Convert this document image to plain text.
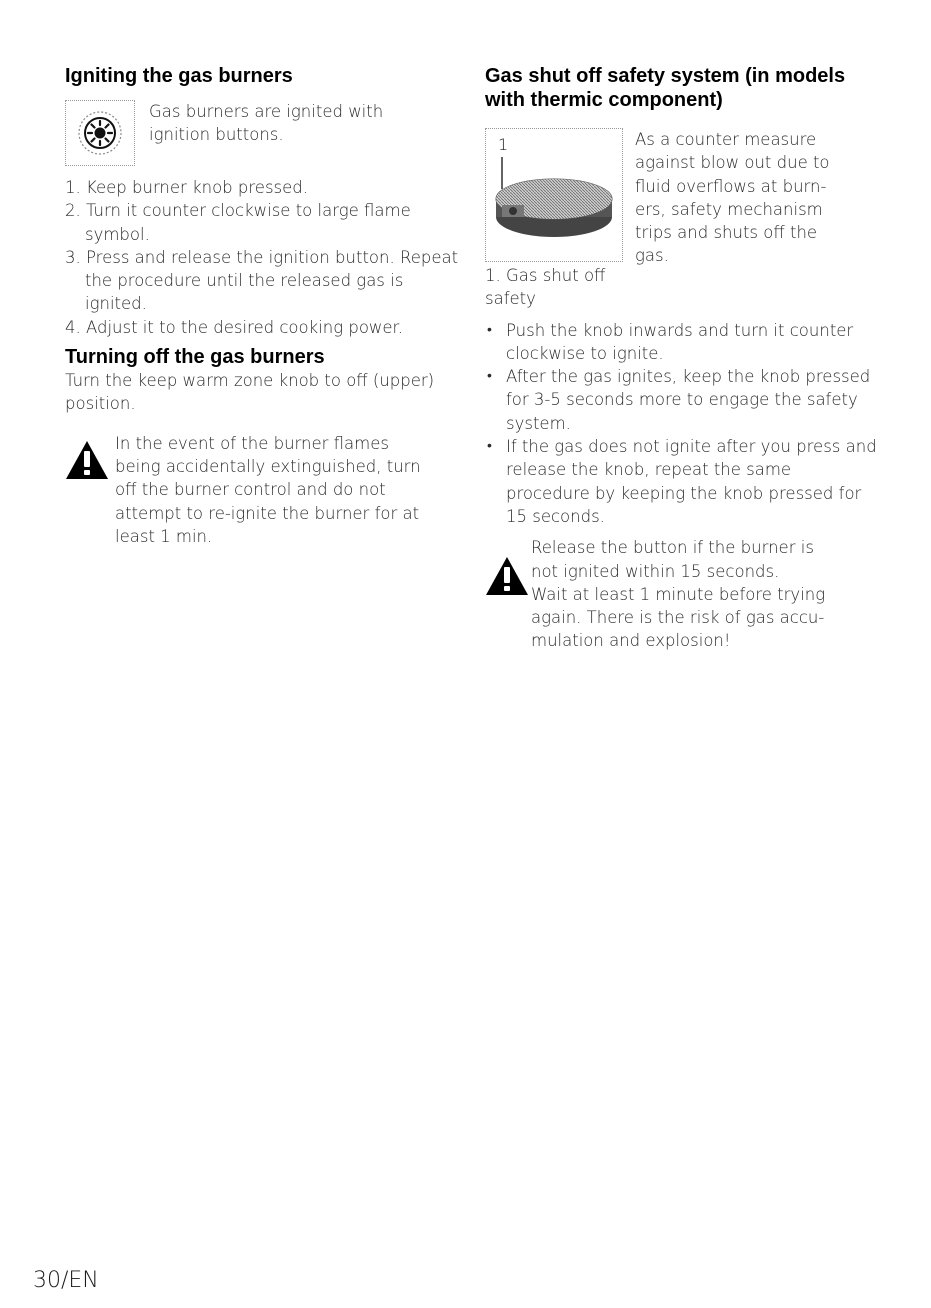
Igniting the gas burners

Gas burners are ignited with
ignition buttons.

1. Keep burner knob pressed.
2. Turn it counter clockwise to large flame symbol.
3. Press and release the ignition button. Repeat the procedure until the released gas is ignited.
4. Adjust it to the desired cooking power.
Turning off the gas burners

Turn the keep warm zone knob to off (upper) position.

In the event of the burner flames
being accidentally extinguished, turn
off the burner control and do not
attempt to re-ignite the burner for at
least 1 min.

Gas shut off safety system (in models with thermic component)
1

1. Gas shut off safety

As a counter measure
against blow out due to
fluid overflows at burn-
ers, safety mechanism
trips and shuts off the
gas.

• Push the knob inwards and turn it counter clockwise to ignite.
• After the gas ignites, keep the knob pressed for 3-5 seconds more to engage the safety system.
• If the gas does not ignite after you press and release the knob, repeat the same procedure by keeping the knob pressed for 15 seconds.

Release the button if the burner is
not ignited within 15 seconds.
Wait at least 1 minute before trying
again. There is the risk of gas accu-
mulation and explosion!

30/EN
